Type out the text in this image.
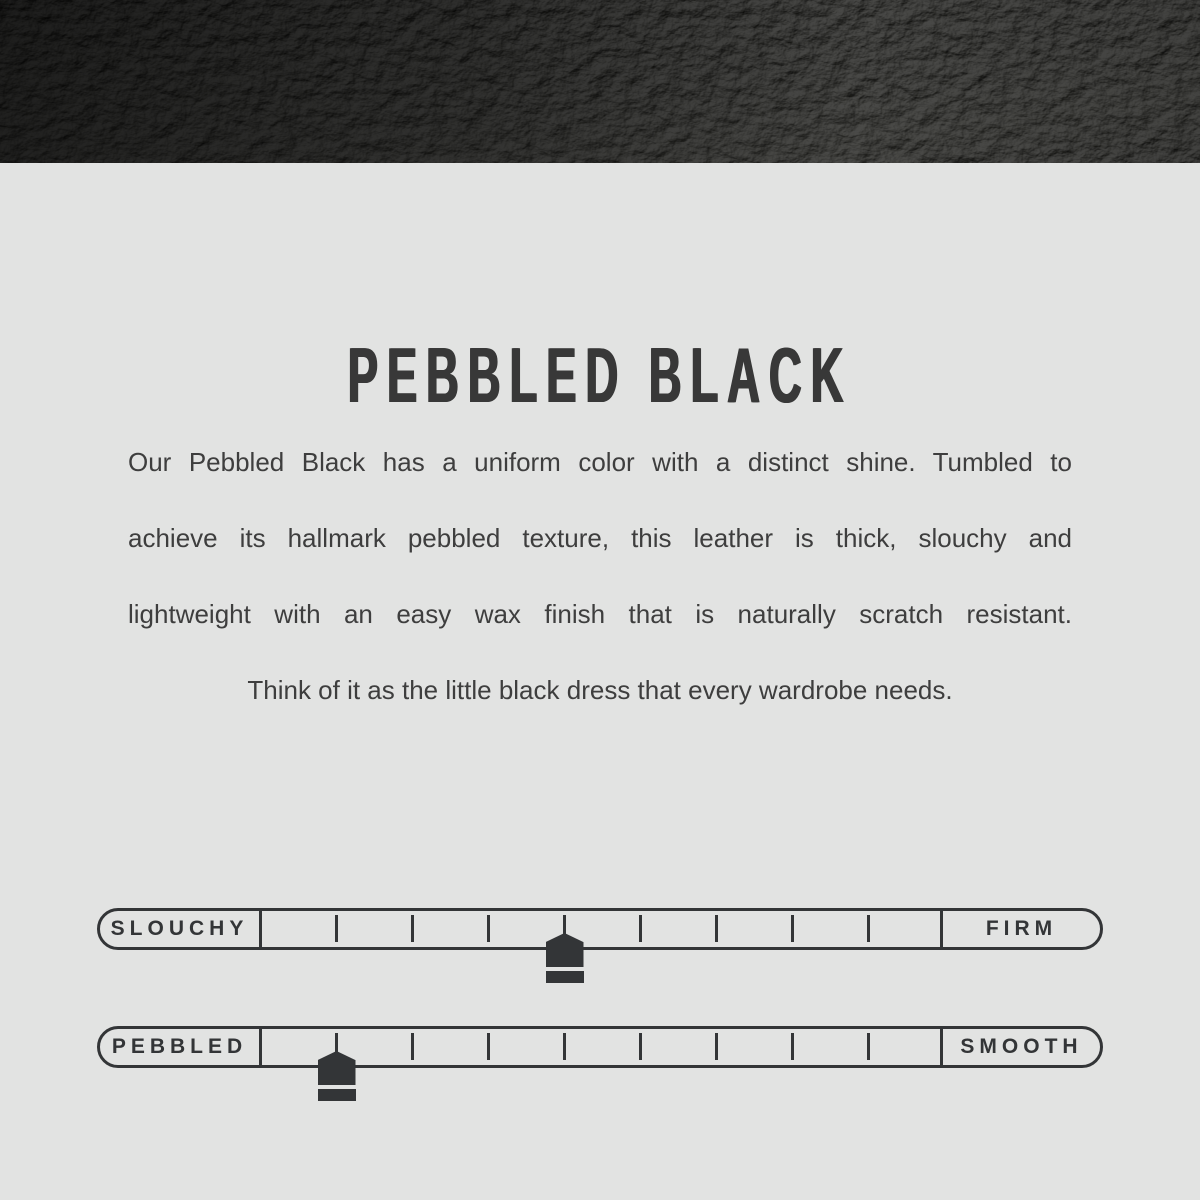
PEBBLED BLACK
Our Pebbled Black has a uniform color with a distinct shine. Tumbled to
achieve its hallmark pebbled texture, this leather is thick, slouchy and
lightweight with an easy wax finish that is naturally scratch resistant.
Think of it as the little black dress that every wardrobe needs.
SLOUCHY	FIRM
PEBBLED	SMOOTH
